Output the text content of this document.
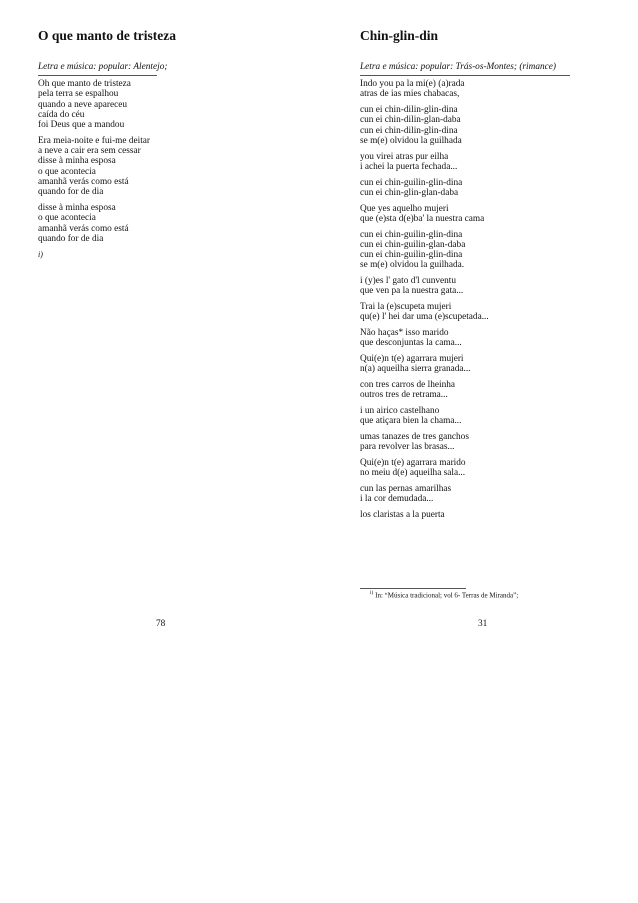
O que manto de tristeza
Letra e música: popular: Alentejo;
Oh que manto de tristeza
pela terra se espalhou
quando a neve apareceu
caída do céu
foi Deus que a mandou
Era meia-noite e fui-me deitar
a neve a cair era sem cessar
disse à minha esposa
o que acontecia
amanhã verás como está
quando for de dia
disse à minha esposa
o que acontecia
amanhã verás como está
quando for de dia
i)
78
Chin-glin-din
Letra e música: popular: Trás-os-Montes; (rimance)
Indo you pa la mi(e) (a)rada
atras de ias mies chabacas,
cun ei chin-dilin-glin-dina
cun ei chin-dilin-glan-daba
cun ei chin-dilin-glin-dina
se m(e) olvidou la guilhada
you virei atras pur eilha
i achei la puerta fechada...
cun ei chin-guilin-glin-dina
cun ei chin-glin-glan-daba
Que yes aquelho mujeri
que (e)sta d(e)ba' la nuestra cama
cun ei chin-guilin-glin-dina
cun ei chin-guilin-glan-daba
cun ei chin-guilin-glin-dina
se m(e) olvidou la guilhada.
i (y)es l' gato d'l cunventu
que ven pa la nuestra gata...
Trai la (e)scupeta mujeri
qu(e) l' hei dar uma (e)scupetada...
Não haças* isso marido
que desconjuntas la cama...
Qui(e)n t(e) agarrara mujeri
n(a) aqueilha sierra granada...
con tres carros de lheinha
outros tres de retrama...
i un airico castelhano
que atiçara bien la chama...
umas tanazes de tres ganchos
para revolver las brasas...
Qui(e)n t(e) agarrara marido
no meiu d(e) aqueilha sala...
cun las pernas amarilhas
i la cor demudada...
los claristas a la puerta
$^{i)}$ In: “Música tradicional; vol 6- Terras de Miranda”;
31
